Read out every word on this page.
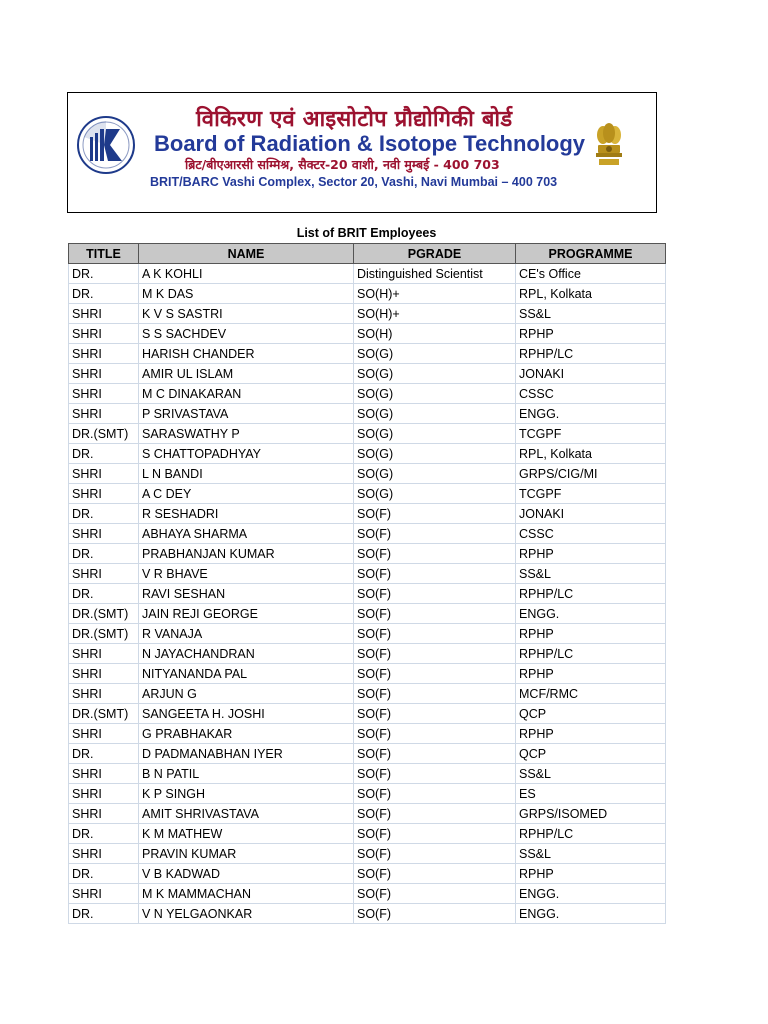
विकिरण एवं आइसोटोप प्रौद्योगिकी बोर्ड
Board of Radiation & Isotope Technology
ब्रिट/बीएआरसी सम्मिश्र, सैक्टर-20 वाशी, नवी मुम्बई - 400 703
BRIT/BARC Vashi Complex, Sector 20, Vashi, Navi Mumbai – 400 703
List of BRIT Employees
TITLE	NAME	PGRADE	PROGRAMME
DR.	A K KOHLI	Distinguished Scientist	CE's Office
DR.	M K DAS	SO(H)+	RPL, Kolkata
SHRI	K V S SASTRI	SO(H)+	SS&L
SHRI	S S SACHDEV	SO(H)	RPHP
SHRI	HARISH CHANDER	SO(G)	RPHP/LC
SHRI	AMIR UL ISLAM	SO(G)	JONAKI
SHRI	M C DINAKARAN	SO(G)	CSSC
SHRI	P SRIVASTAVA	SO(G)	ENGG.
DR.(SMT)	SARASWATHY P	SO(G)	TCGPF
DR.	S CHATTOPADHYAY	SO(G)	RPL, Kolkata
SHRI	L N BANDI	SO(G)	GRPS/CIG/MI
SHRI	A C DEY	SO(G)	TCGPF
DR.	R SESHADRI	SO(F)	JONAKI
SHRI	ABHAYA SHARMA	SO(F)	CSSC
DR.	PRABHANJAN KUMAR	SO(F)	RPHP
SHRI	V R BHAVE	SO(F)	SS&L
DR.	RAVI SESHAN	SO(F)	RPHP/LC
DR.(SMT)	JAIN REJI GEORGE	SO(F)	ENGG.
DR.(SMT)	R VANAJA	SO(F)	RPHP
SHRI	N JAYACHANDRAN	SO(F)	RPHP/LC
SHRI	NITYANANDA PAL	SO(F)	RPHP
SHRI	ARJUN G	SO(F)	MCF/RMC
DR.(SMT)	SANGEETA H. JOSHI	SO(F)	QCP
SHRI	G PRABHAKAR	SO(F)	RPHP
DR.	D PADMANABHAN IYER	SO(F)	QCP
SHRI	B N PATIL	SO(F)	SS&L
SHRI	K P SINGH	SO(F)	ES
SHRI	AMIT SHRIVASTAVA	SO(F)	GRPS/ISOMED
DR.	K M MATHEW	SO(F)	RPHP/LC
SHRI	PRAVIN KUMAR	SO(F)	SS&L
DR.	V B KADWAD	SO(F)	RPHP
SHRI	M K MAMMACHAN	SO(F)	ENGG.
DR.	V N YELGAONKAR	SO(F)	ENGG.
